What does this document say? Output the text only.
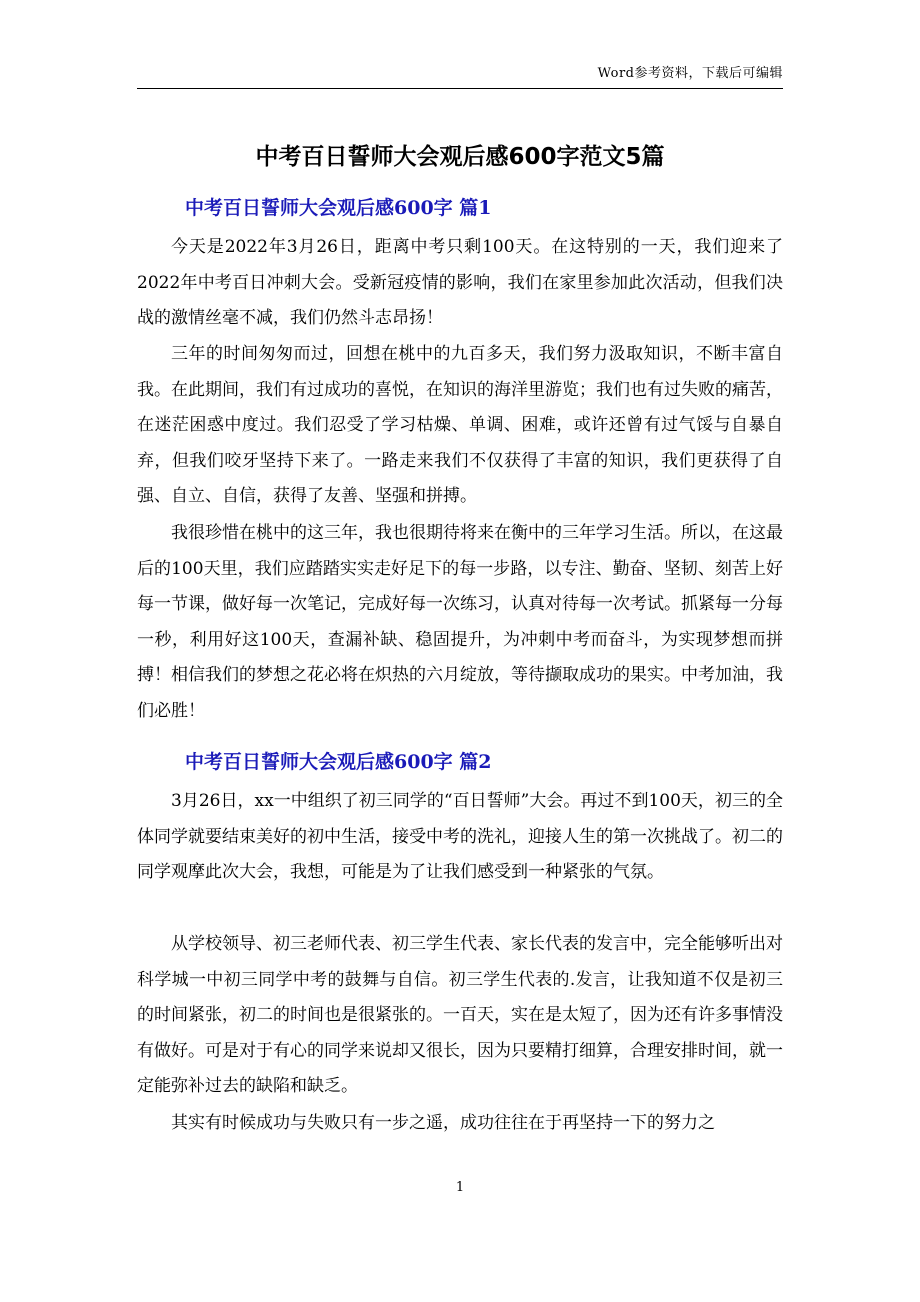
Word参考资料，下载后可编辑
中考百日誓师大会观后感600字范文5篇
中考百日誓师大会观后感600字 篇1

今天是2022年3月26日，距离中考只剩100天。在这特别的一天，我们迎来了2022年中考百日冲刺大会。受新冠疫情的影响，我们在家里参加此次活动，但我们决战的激情丝毫不减，我们仍然斗志昂扬！

三年的时间匆匆而过，回想在桃中的九百多天，我们努力汲取知识，不断丰富自我。在此期间，我们有过成功的喜悦，在知识的海洋里游览；我们也有过失败的痛苦，在迷茫困惑中度过。我们忍受了学习枯燥、单调、困难，或许还曾有过气馁与自暴自弃，但我们咬牙坚持下来了。一路走来我们不仅获得了丰富的知识，我们更获得了自强、自立、自信，获得了友善、坚强和拼搏。

我很珍惜在桃中的这三年，我也很期待将来在衡中的三年学习生活。所以，在这最后的100天里，我们应踏踏实实走好足下的每一步路，以专注、勤奋、坚韧、刻苦上好每一节课，做好每一次笔记，完成好每一次练习，认真对待每一次考试。抓紧每一分每一秒，利用好这100天，查漏补缺、稳固提升，为冲刺中考而奋斗，为实现梦想而拼搏！相信我们的梦想之花必将在炽热的六月绽放，等待撷取成功的果实。中考加油，我们必胜！

中考百日誓师大会观后感600字 篇2

3月26日，xx一中组织了初三同学的“百日誓师”大会。再过不到100天，初三的全体同学就要结束美好的初中生活，接受中考的洗礼，迎接人生的第一次挑战了。初二的同学观摩此次大会，我想，可能是为了让我们感受到一种紧张的气氛。

从学校领导、初三老师代表、初三学生代表、家长代表的发言中，完全能够听出对科学城一中初三同学中考的鼓舞与自信。初三学生代表的.发言，让我知道不仅是初三的时间紧张，初二的时间也是很紧张的。一百天，实在是太短了，因为还有许多事情没有做好。可是对于有心的同学来说却又很长，因为只要精打细算，合理安排时间，就一定能弥补过去的缺陷和缺乏。

其实有时候成功与失败只有一步之遥，成功往往在于再坚持一下的努力之

1
